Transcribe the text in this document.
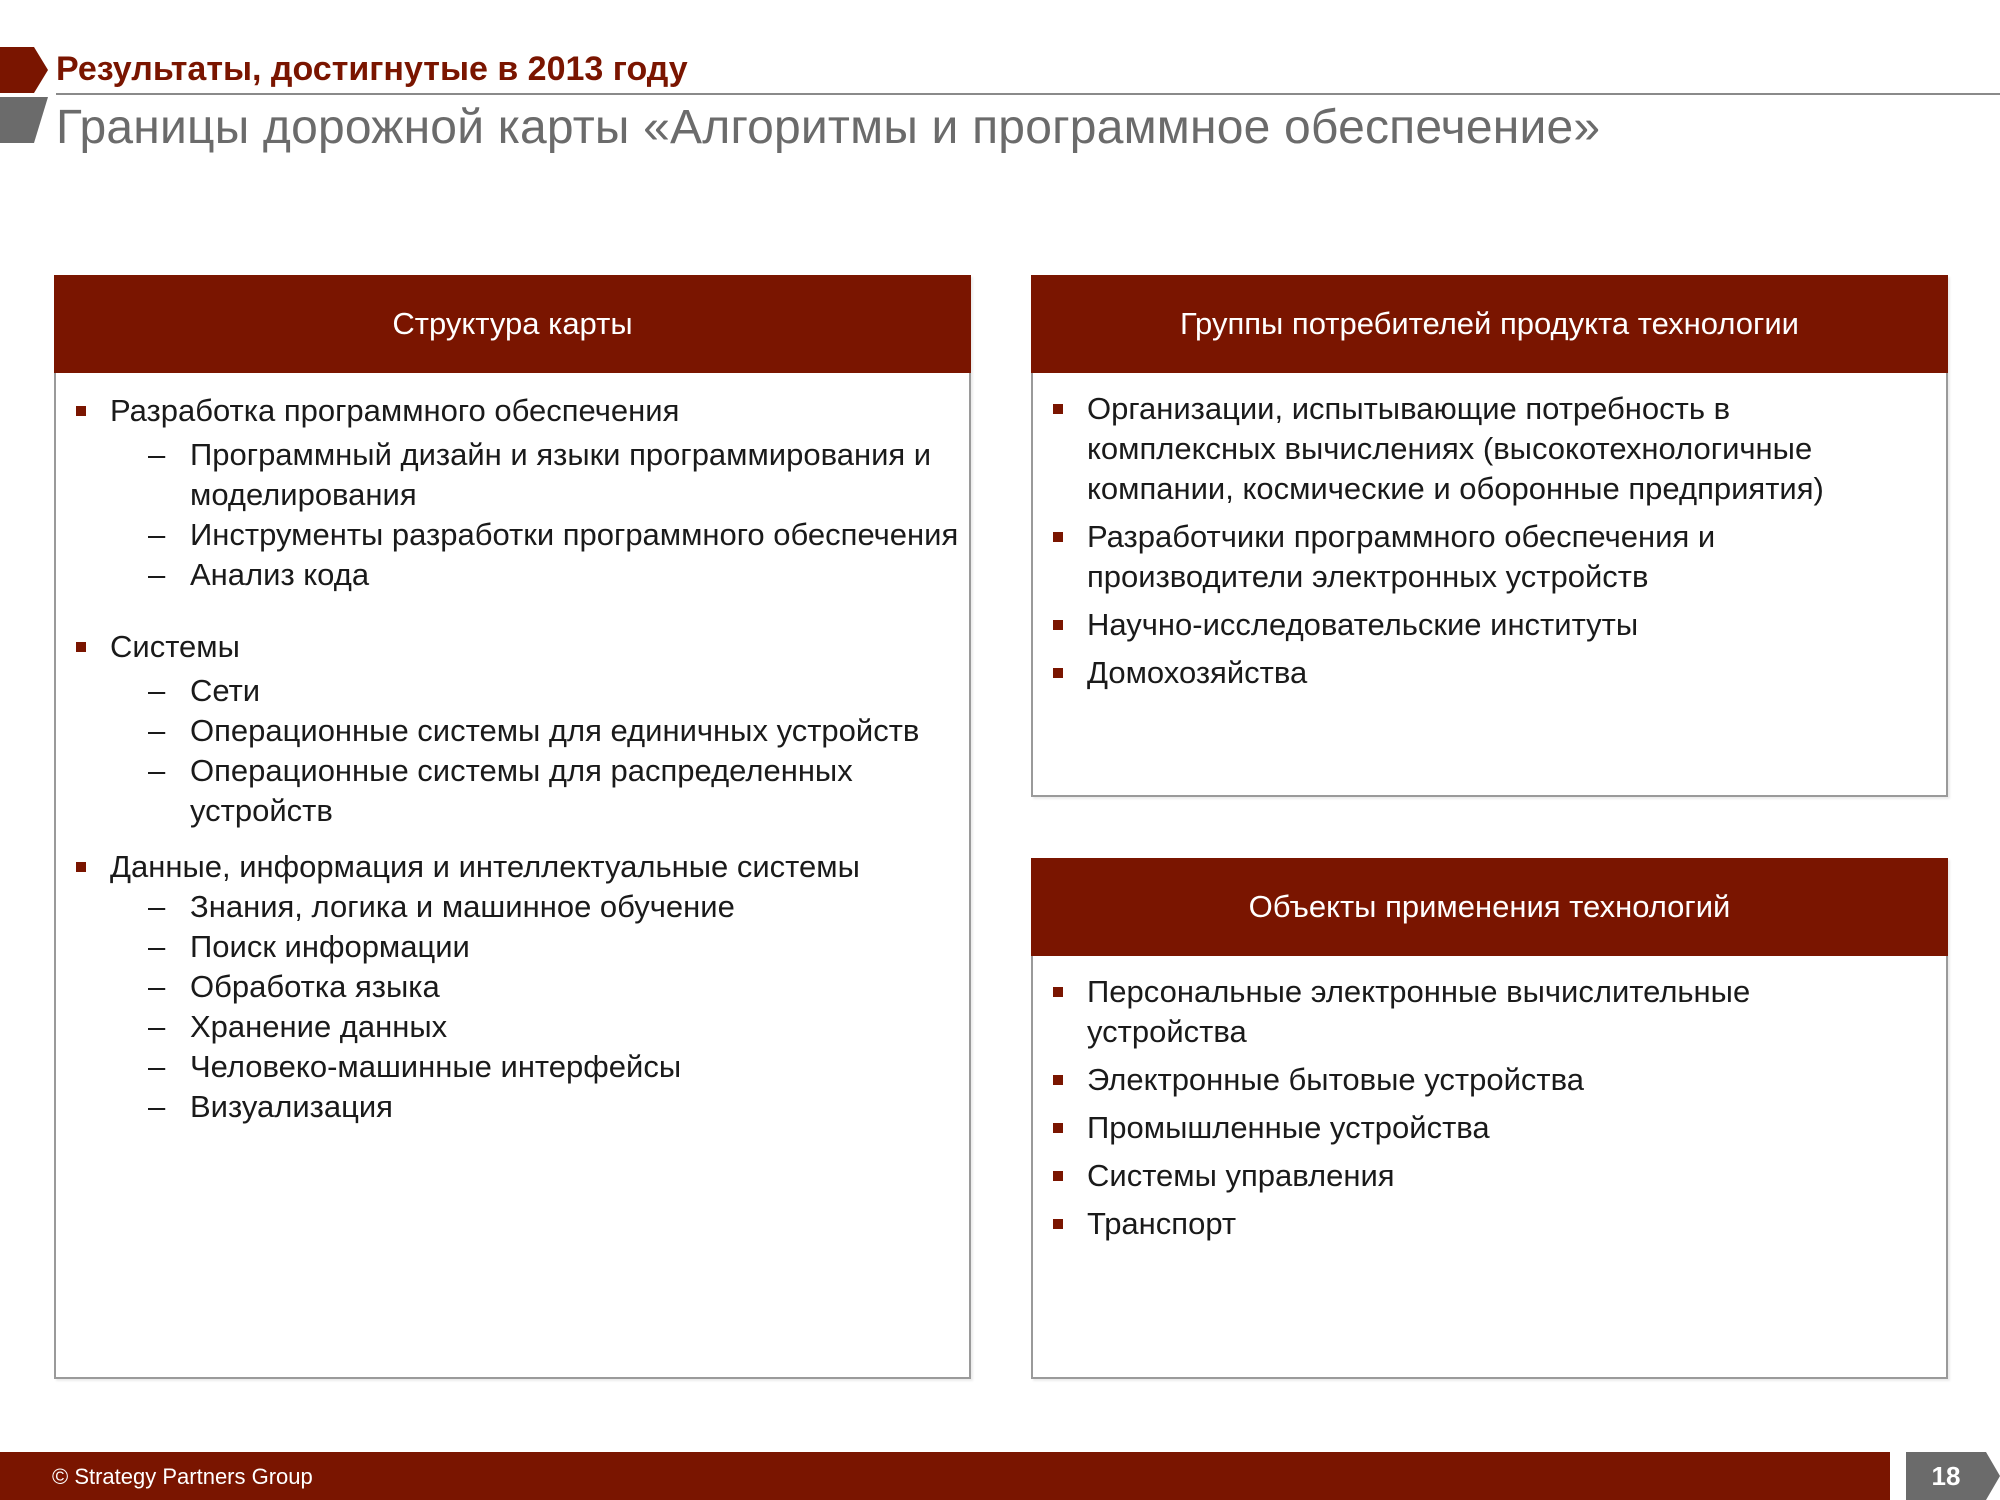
Результаты, достигнутые в 2013 году
Границы дорожной карты «Алгоритмы и программное обеспечение»
Структура карты
Разработка программного обеспечения
– Программный дизайн и языки программирования и моделирования
– Инструменты разработки программного обеспечения
– Анализ кода
Системы
– Сети
– Операционные системы для единичных устройств
– Операционные системы для распределенных устройств
Данные, информация и интеллектуальные системы
– Знания, логика и машинное обучение
– Поиск информации
– Обработка языка
– Хранение данных
– Человеко-машинные интерфейсы
– Визуализация
Группы потребителей продукта технологии
Организации, испытывающие потребность в комплексных вычислениях (высокотехнологичные компании, космические и оборонные предприятия)
Разработчики программного обеспечения и производители электронных устройств
Научно-исследовательские институты
Домохозяйства
Объекты применения технологий
Персональные электронные вычислительные устройства
Электронные бытовые устройства
Промышленные устройства
Системы управления
Транспорт
© Strategy Partners Group	18
